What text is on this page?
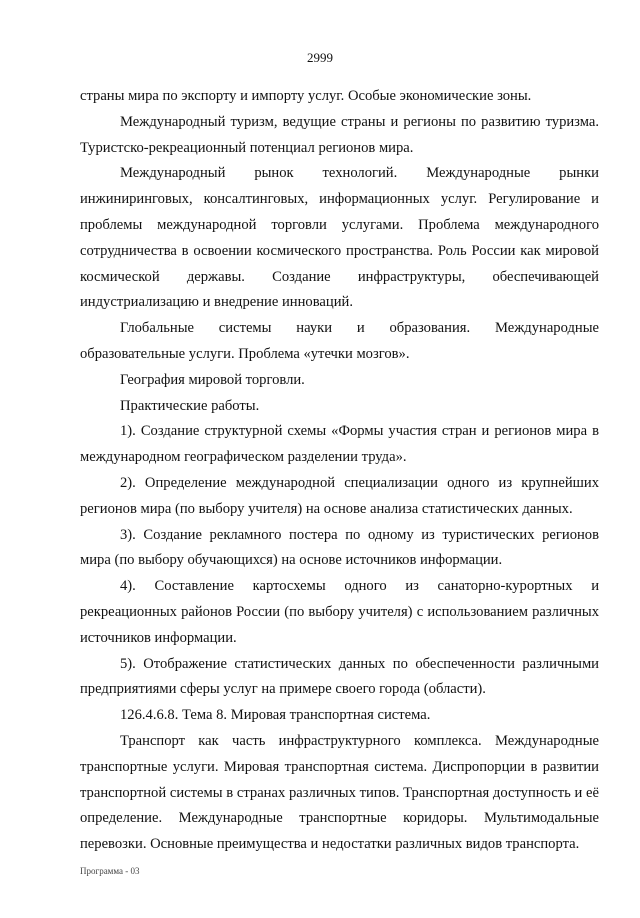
2999

страны мира по экспорту и импорту услуг. Особые экономические зоны.

Международный туризм, ведущие страны и регионы по развитию туризма. Туристско-рекреационный потенциал регионов мира.

Международный рынок технологий. Международные рынки инжиниринговых, консалтинговых, информационных услуг. Регулирование и проблемы международной торговли услугами. Проблема международного сотрудничества в освоении космического пространства. Роль России как мировой космической державы. Создание инфраструктуры, обеспечивающей индустриализацию и внедрение инноваций.

Глобальные системы науки и образования. Международные образовательные услуги. Проблема «утечки мозгов».

География мировой торговли.

Практические работы.

1). Создание структурной схемы «Формы участия стран и регионов мира в международном географическом разделении труда».

2). Определение международной специализации одного из крупнейших регионов мира (по выбору учителя) на основе анализа статистических данных.

3). Создание рекламного постера по одному из туристических регионов мира (по выбору обучающихся) на основе источников информации.

4). Составление картосхемы одного из санаторно-курортных и рекреационных районов России (по выбору учителя) с использованием различных источников информации.

5). Отображение статистических данных по обеспеченности различными предприятиями сферы услуг на примере своего города (области).

126.4.6.8. Тема 8. Мировая транспортная система.

Транспорт как часть инфраструктурного комплекса. Международные транспортные услуги. Мировая транспортная система. Диспропорции в развитии транспортной системы в странах различных типов. Транспортная доступность и её определение. Международные транспортные коридоры. Мультимодальные перевозки. Основные преимущества и недостатки различных видов транспорта.

Программа - 03
